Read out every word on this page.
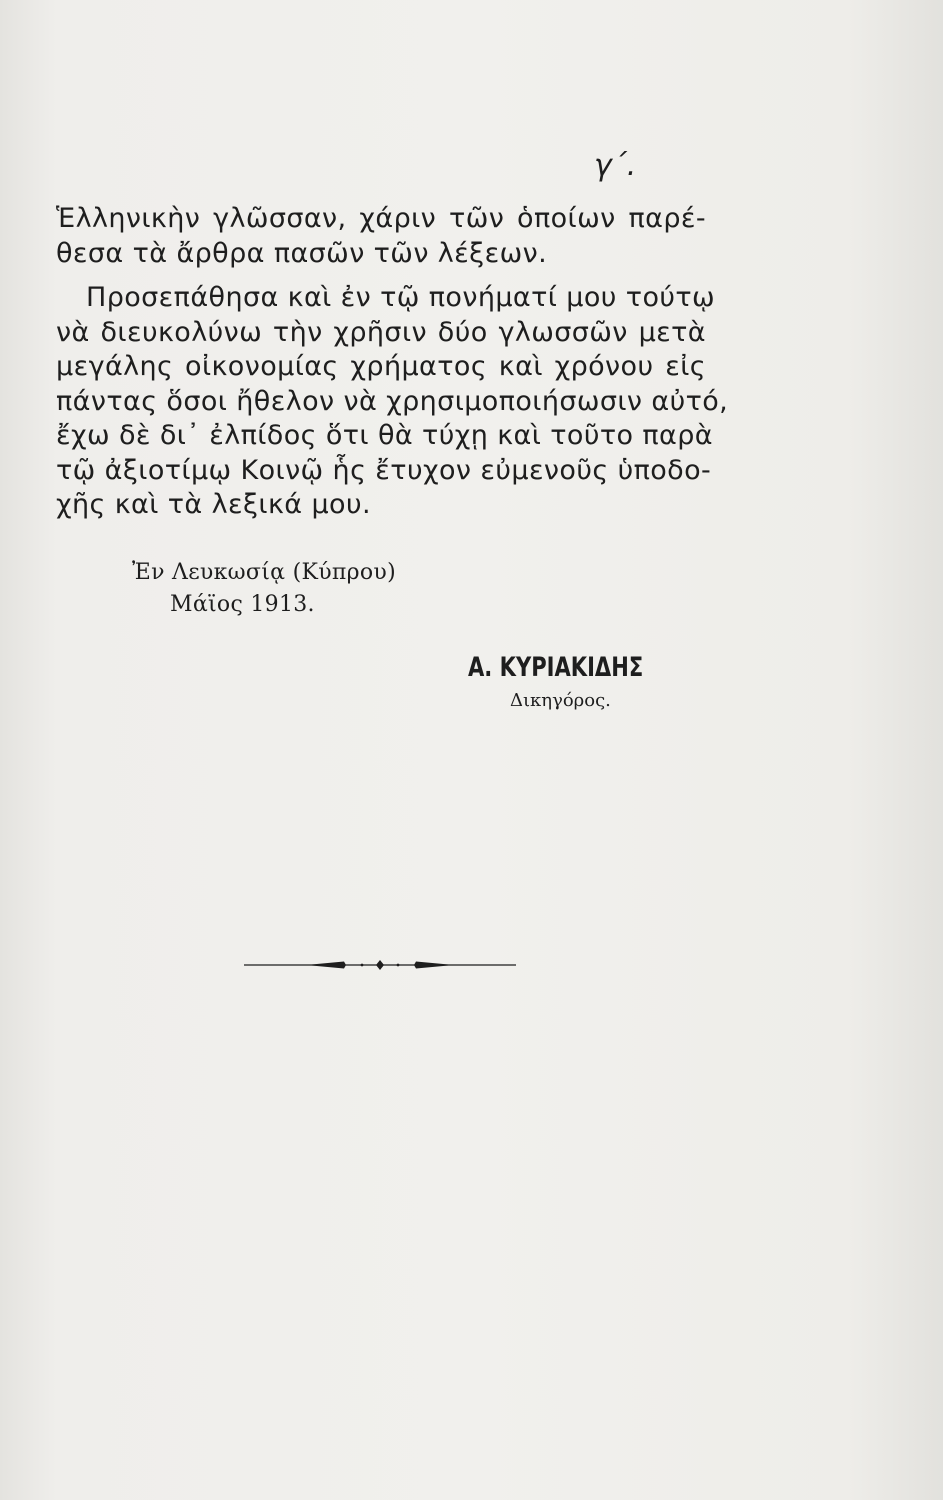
γ΄.
Ἑλληνικὴν γλῶσσαν, χάριν τῶν ὁποίων παρέ-
θεσα τὰ ἄρθρα πασῶν τῶν λέξεων.
Προσεπάθησα καὶ ἐν τῷ πονήματί μου τούτῳ
νὰ διευκολύνω τὴν χρῆσιν δύο γλωσσῶν μετὰ
μεγάλης οἰκονομίας χρήματος καὶ χρόνου εἰς
πάντας ὅσοι ἤθελον νὰ χρησιμοποιήσωσιν αὐτό,
ἔχω δὲ δι᾽ ἐλπίδος ὅτι θὰ τύχῃ καὶ τοῦτο παρὰ
τῷ ἀξιοτίμῳ Κοινῷ ἧς ἔτυχον εὐμενοῦς ὑποδο-
χῆς καὶ τὰ λεξικά μου.
Ἐν Λευκωσίᾳ (Κύπρου)
Μάϊος 1913.
Α. ΚΥΡΙΑΚΙΔΗΣ
Δικηγόρος.
